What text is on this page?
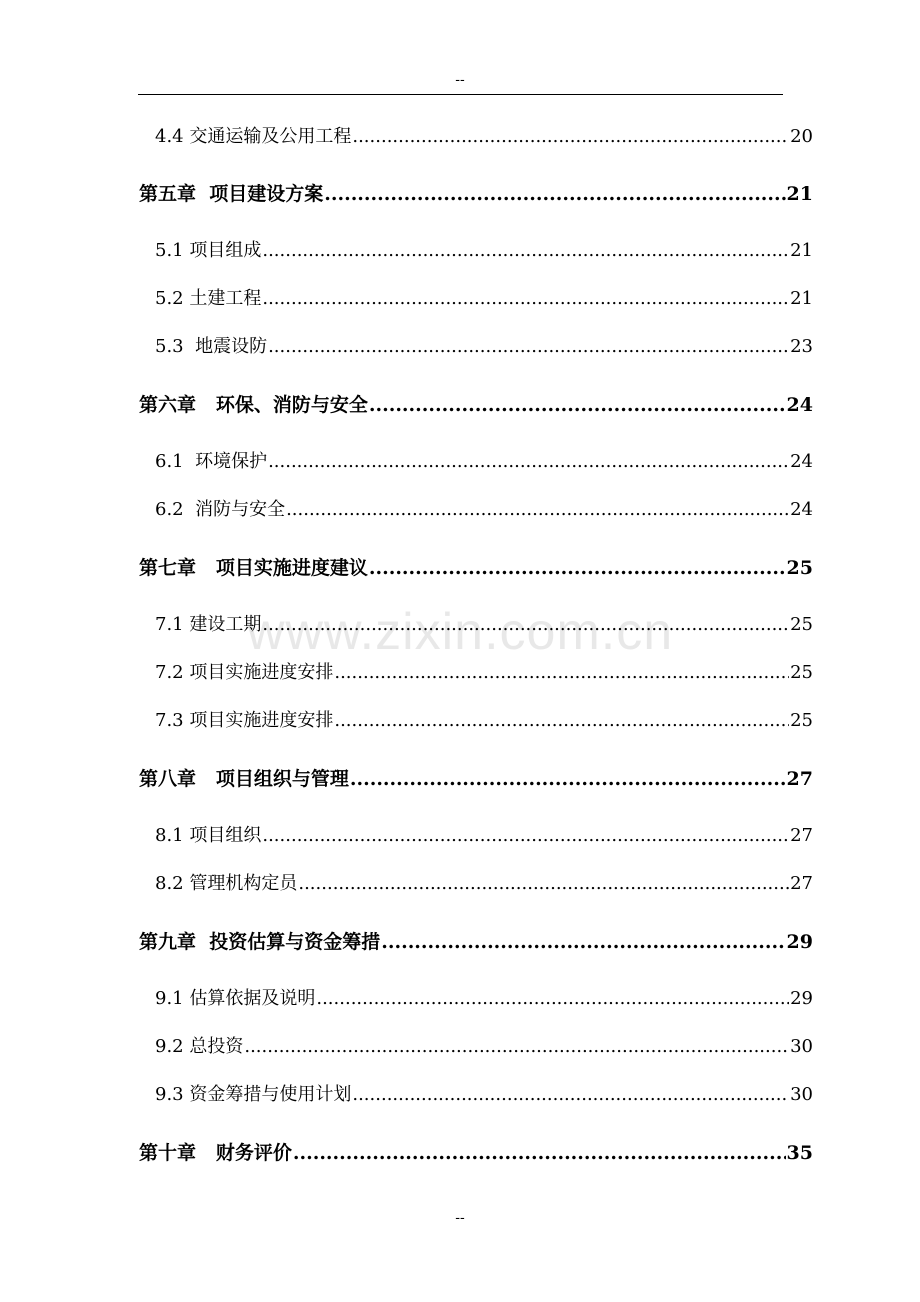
--
www.zixin.com.cn
4.4 交通运输及公用工程 .....	20
第五章  项目建设方案 .....	21
5.1 项目组成 .....	21
5.2 土建工程 .....	21
5.3  地震设防 .....	23
第六章   环保、消防与安全 .....	24
6.1  环境保护 .....	24
6.2  消防与安全 .....	24
第七章   项目实施进度建议 .....	25
7.1 建设工期 .....	25
7.2 项目实施进度安排 .....	25
7.3 项目实施进度安排 .....	25
第八章   项目组织与管理 .....	27
8.1 项目组织 .....	27
8.2 管理机构定员 .....	27
第九章  投资估算与资金筹措 .....	29
9.1 估算依据及说明 .....	29
9.2 总投资 .....	30
9.3 资金筹措与使用计划 .....	30
第十章   财务评价 .....	35
--
